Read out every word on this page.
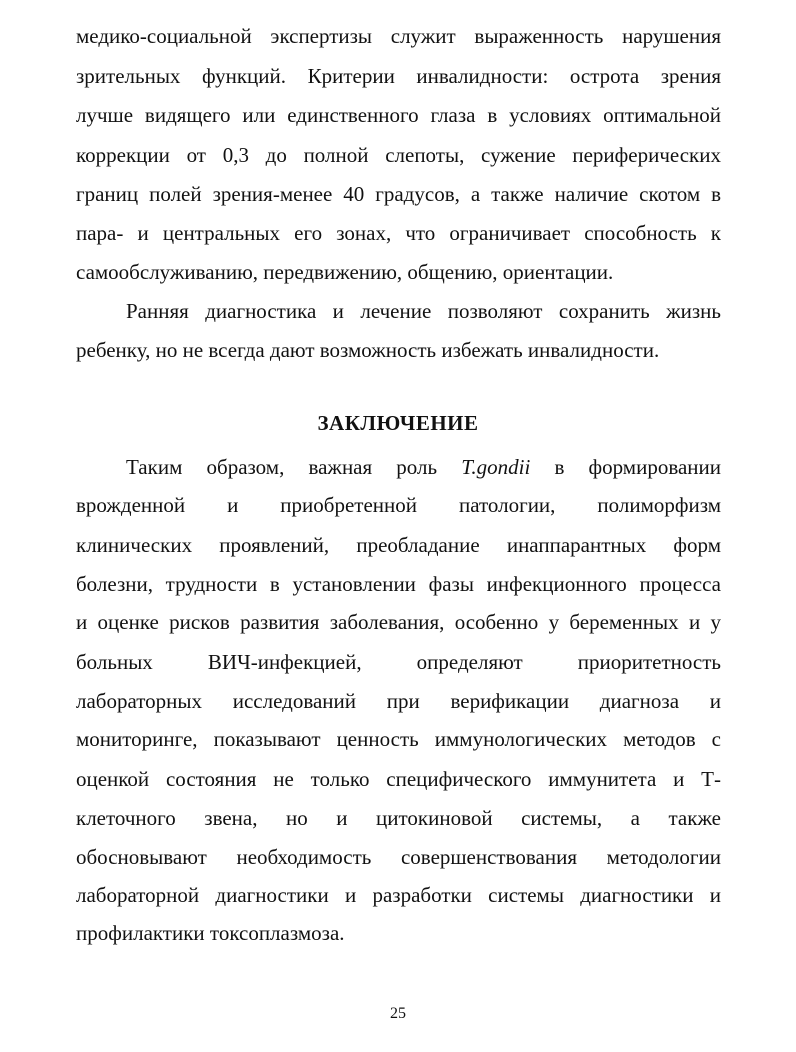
медико-социальной экспертизы служит выраженность нарушения
зрительных функций. Критерии инвалидности: острота зрения
лучше видящего или единственного глаза в условиях оптимальной
коррекции от 0,3 до полной слепоты, сужение периферических
границ полей зрения-менее 40 градусов, а также наличие скотом в
пара- и центральных его зонах, что ограничивает способность к
самообслуживанию, передвижению, общению, ориентации.
Ранняя диагностика и лечение позволяют сохранить жизнь
ребенку, но не всегда дают возможность избежать инвалидности.
ЗАКЛЮЧЕНИЕ
Таким образом, важная роль T.gondii в формировании
врожденной и приобретенной патологии, полиморфизм
клинических проявлений, преобладание инаппарантных форм
болезни, трудности в установлении фазы инфекционного процесса
и оценке рисков развития заболевания, особенно у беременных и у
больных ВИЧ-инфекцией, определяют приоритетность
лабораторных исследований при верификации диагноза и
мониторинге, показывают ценность иммунологических методов с
оценкой состояния не только специфического иммунитета и Т-
клеточного звена, но и цитокиновой системы, а также
обосновывают необходимость совершенствования методологии
лабораторной диагностики и разработки системы диагностики и
профилактики токсоплазмоза.
25
